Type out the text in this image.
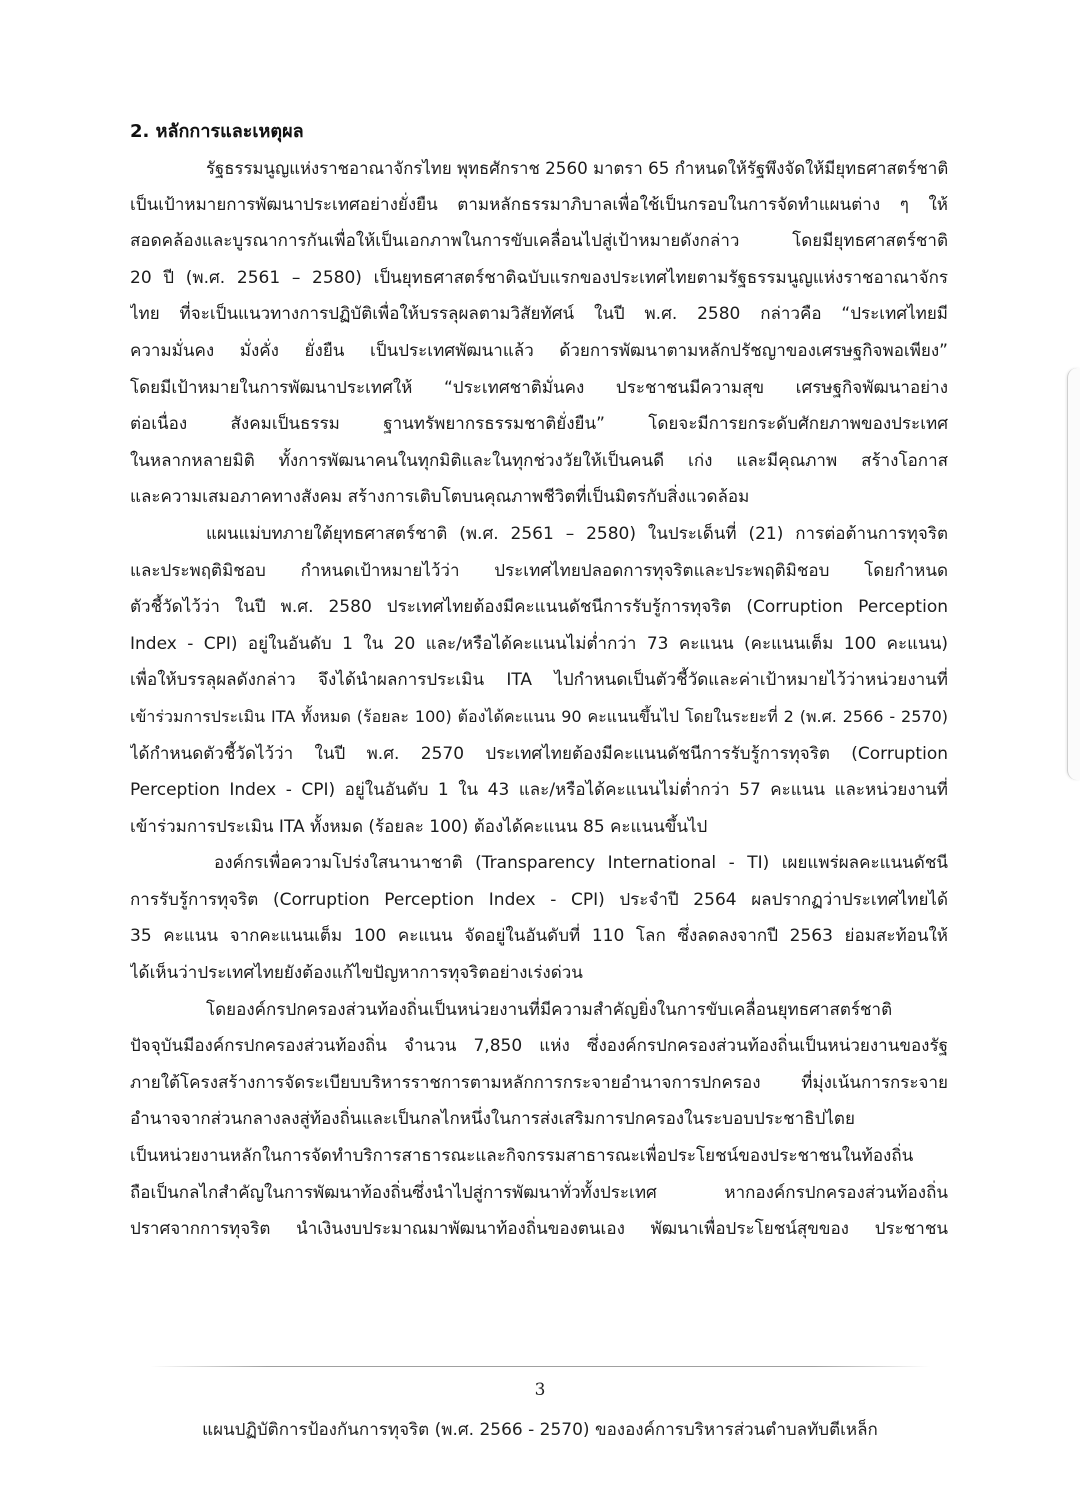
2. หลักการและเหตุผล
รัฐธรรมนูญแห่งราชอาณาจักรไทย พุทธศักราช 2560 มาตรา 65 กำหนดให้รัฐพึงจัดให้มียุทธศาสตร์ชาติ
เป็นเป้าหมายการพัฒนาประเทศอย่างยั่งยืน ตามหลักธรรมาภิบาลเพื่อใช้เป็นกรอบในการจัดทำแผนต่าง ๆ ให้
สอดคล้องและบูรณาการกันเพื่อให้เป็นเอกภาพในการขับเคลื่อนไปสู่เป้าหมายดังกล่าว โดยมียุทธศาสตร์ชาติ
20 ปี (พ.ศ. 2561 – 2580) เป็นยุทธศาสตร์ชาติฉบับแรกของประเทศไทยตามรัฐธรรมนูญแห่งราชอาณาจักร
ไทย ที่จะเป็นแนวทางการปฏิบัติเพื่อให้บรรลุผลตามวิสัยทัศน์ ในปี พ.ศ. 2580 กล่าวคือ “ประเทศไทยมี
ความมั่นคง มั่งคั่ง ยั่งยืน เป็นประเทศพัฒนาแล้ว ด้วยการพัฒนาตามหลักปรัชญาของเศรษฐกิจพอเพียง”
โดยมีเป้าหมายในการพัฒนาประเทศให้ “ประเทศชาติมั่นคง ประชาชนมีความสุข เศรษฐกิจพัฒนาอย่าง
ต่อเนื่อง สังคมเป็นธรรม ฐานทรัพยากรธรรมชาติยั่งยืน” โดยจะมีการยกระดับศักยภาพของประเทศ
ในหลากหลายมิติ ทั้งการพัฒนาคนในทุกมิติและในทุกช่วงวัยให้เป็นคนดี เก่ง และมีคุณภาพ สร้างโอกาส
และความเสมอภาคทางสังคม สร้างการเติบโตบนคุณภาพชีวิตที่เป็นมิตรกับสิ่งแวดล้อม
แผนแม่บทภายใต้ยุทธศาสตร์ชาติ (พ.ศ. 2561 – 2580) ในประเด็นที่ (21) การต่อต้านการทุจริต
และประพฤติมิชอบ กำหนดเป้าหมายไว้ว่า ประเทศไทยปลอดการทุจริตและประพฤติมิชอบ โดยกำหนด
ตัวชี้วัดไว้ว่า ในปี พ.ศ. 2580 ประเทศไทยต้องมีคะแนนดัชนีการรับรู้การทุจริต (Corruption Perception
Index - CPI) อยู่ในอันดับ 1 ใน 20 และ/หรือได้คะแนนไม่ต่ำกว่า 73 คะแนน (คะแนนเต็ม 100 คะแนน)
เพื่อให้บรรลุผลดังกล่าว จึงได้นำผลการประเมิน ITA ไปกำหนดเป็นตัวชี้วัดและค่าเป้าหมายไว้ว่าหน่วยงานที่
เข้าร่วมการประเมิน ITA ทั้งหมด (ร้อยละ 100) ต้องได้คะแนน 90 คะแนนขึ้นไป โดยในระยะที่ 2 (พ.ศ. 2566 - 2570)
ได้กำหนดตัวชี้วัดไว้ว่า ในปี พ.ศ. 2570 ประเทศไทยต้องมีคะแนนดัชนีการรับรู้การทุจริต (Corruption
Perception Index - CPI) อยู่ในอันดับ 1 ใน 43 และ/หรือได้คะแนนไม่ต่ำกว่า 57 คะแนน และหน่วยงานที่
เข้าร่วมการประเมิน ITA ทั้งหมด (ร้อยละ 100) ต้องได้คะแนน 85 คะแนนขึ้นไป
องค์กรเพื่อความโปร่งใสนานาชาติ (Transparency International - TI) เผยแพร่ผลคะแนนดัชนี
การรับรู้การทุจริต (Corruption Perception Index - CPI) ประจำปี 2564 ผลปรากฏว่าประเทศไทยได้
35 คะแนน จากคะแนนเต็ม 100 คะแนน จัดอยู่ในอันดับที่ 110 โลก ซึ่งลดลงจากปี 2563 ย่อมสะท้อนให้
ได้เห็นว่าประเทศไทยยังต้องแก้ไขปัญหาการทุจริตอย่างเร่งด่วน
โดยองค์กรปกครองส่วนท้องถิ่นเป็นหน่วยงานที่มีความสำคัญยิ่งในการขับเคลื่อนยุทธศาสตร์ชาติ
ปัจจุบันมีองค์กรปกครองส่วนท้องถิ่น จำนวน 7,850 แห่ง ซึ่งองค์กรปกครองส่วนท้องถิ่นเป็นหน่วยงานของรัฐ
ภายใต้โครงสร้างการจัดระเบียบบริหารราชการตามหลักการกระจายอำนาจการปกครอง ที่มุ่งเน้นการกระจาย
อำนาจจากส่วนกลางลงสู่ท้องถิ่นและเป็นกลไกหนึ่งในการส่งเสริมการปกครองในระบอบประชาธิปไตย
เป็นหน่วยงานหลักในการจัดทำบริการสาธารณะและกิจกรรมสาธารณะเพื่อประโยชน์ของประชาชนในท้องถิ่น
ถือเป็นกลไกสำคัญในการพัฒนาท้องถิ่นซึ่งนำไปสู่การพัฒนาทั่วทั้งประเทศ หากองค์กรปกครองส่วนท้องถิ่น
ปราศจากการทุจริต นำเงินงบประมาณมาพัฒนาท้องถิ่นของตนเอง พัฒนาเพื่อประโยชน์สุขของ ประชาชน
3
แผนปฏิบัติการป้องกันการทุจริต (พ.ศ. 2566 - 2570) ขององค์การบริหารส่วนตำบลทับตีเหล็ก
